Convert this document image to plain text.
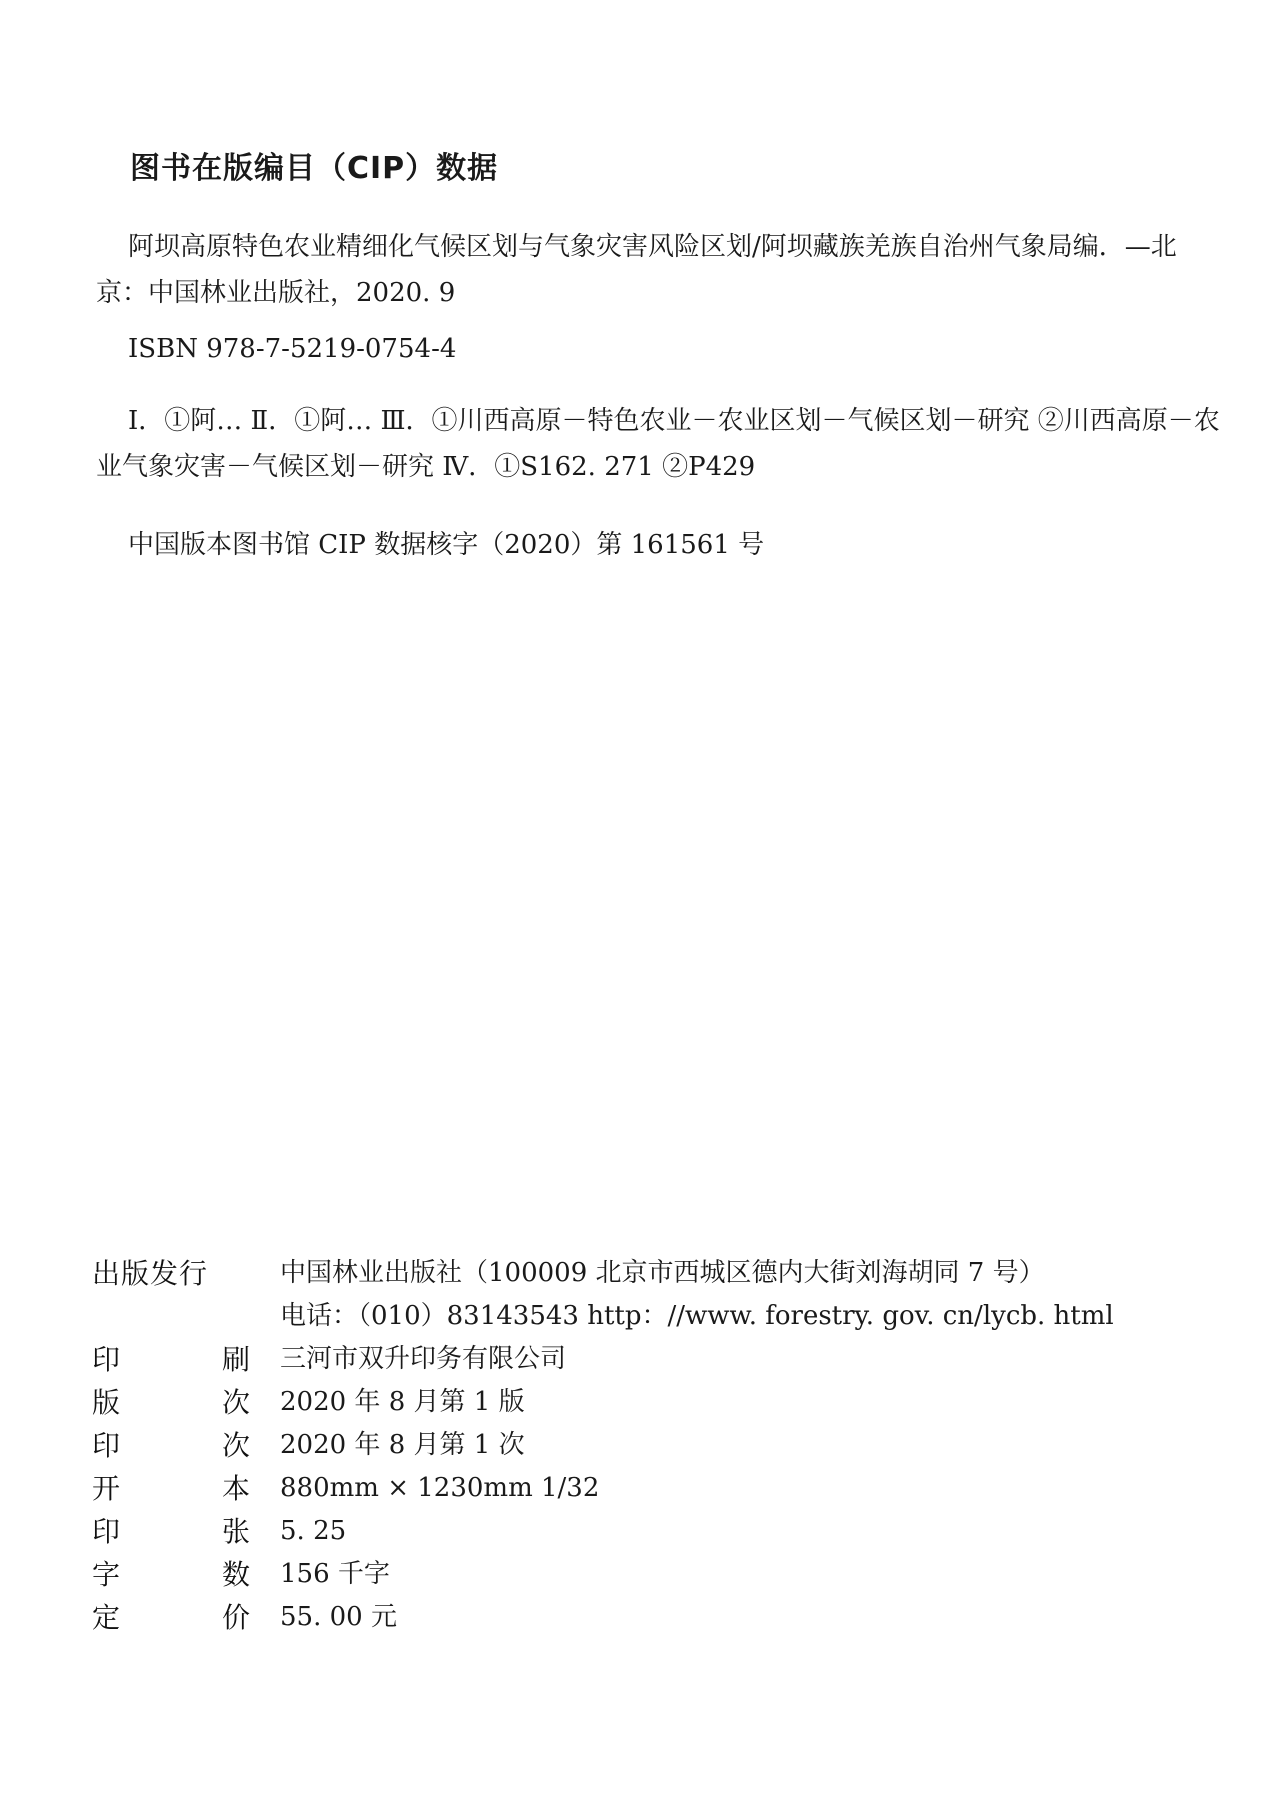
图书在版编目（CIP）数据

阿坝高原特色农业精细化气候区划与气象灾害风险区划/阿坝藏族羌族自治州气象局编．—北京：中国林业出版社，2020. 9

ISBN 978-7-5219-0754-4

Ⅰ．①阿… Ⅱ．①阿… Ⅲ．①川西高原－特色农业－农业区划－气候区划－研究 ②川西高原－农业气象灾害－气候区划－研究 Ⅳ．①S162. 271 ②P429

中国版本图书馆 CIP 数据核字（2020）第 161561 号

出版发行	中国林业出版社（100009 北京市西城区德内大街刘海胡同 7 号）
电话：（010）83143543 http：//www. forestry. gov. cn/lycb. html
印	刷 三河市双升印务有限公司
版	次 2020 年 8 月第 1 版
印	次 2020 年 8 月第 1 次
开	本 880mm × 1230mm 1/32
印	张 5. 25
字	数 156 千字
定	价 55. 00 元
